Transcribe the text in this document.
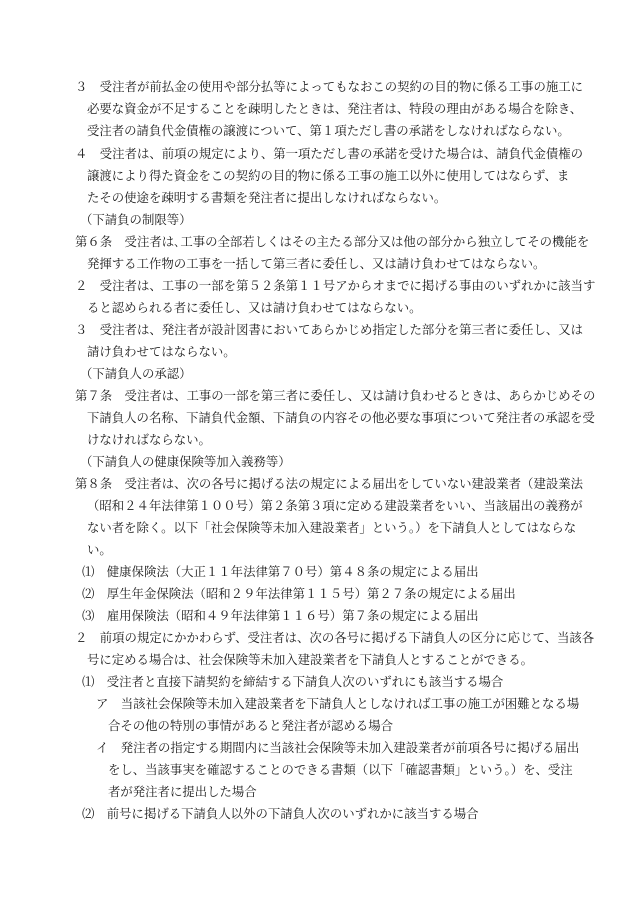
３　受注者が前払金の使用や部分払等によってもなおこの契約の目的物に係る工事の施工に
必要な資金が不足することを疎明したときは、発注者は、特段の理由がある場合を除き、
受注者の請負代金債権の譲渡について、第１項ただし書の承諾をしなければならない。
４　受注者は、前項の規定により、第一項ただし書の承諾を受けた場合は、請負代金債権の
譲渡により得た資金をこの契約の目的物に係る工事の施工以外に使用してはならず、ま
たその使途を疎明する書類を発注者に提出しなければならない。
（下請負の制限等）
第６条　受注者は､工事の全部若しくはその主たる部分又は他の部分から独立してその機能を
発揮する工作物の工事を一括して第三者に委任し、又は請け負わせてはならない。
２　受注者は、工事の一部を第５２条第１１号アからオまでに掲げる事由のいずれかに該当す
ると認められる者に委任し、又は請け負わせてはならない。
３　受注者は、発注者が設計図書においてあらかじめ指定した部分を第三者に委任し、又は
請け負わせてはならない。
（下請負人の承認）
第７条　受注者は、工事の一部を第三者に委任し、又は請け負わせるときは、あらかじめその
下請負人の名称、下請負代金額、下請負の内容その他必要な事項について発注者の承認を受
けなければならない。
（下請負人の健康保険等加入義務等）
第８条　受注者は、次の各号に掲げる法の規定による届出をしていない建設業者（建設業法
（昭和２４年法律第１００号）第２条第３項に定める建設業者をいい、当該届出の義務が
ない者を除く。以下「社会保険等未加入建設業者」という。）を下請負人としてはならな
い。
⑴　健康保険法（大正１１年法律第７０号）第４８条の規定による届出
⑵　厚生年金保険法（昭和２９年法律第１１５号）第２７条の規定による届出
⑶　雇用保険法（昭和４９年法律第１１６号）第７条の規定による届出
２　前項の規定にかかわらず、受注者は、次の各号に掲げる下請負人の区分に応じて、当該各
号に定める場合は、社会保険等未加入建設業者を下請負人とすることができる。
⑴　受注者と直接下請契約を締結する下請負人次のいずれにも該当する場合
ア　当該社会保険等未加入建設業者を下請負人としなければ工事の施工が困難となる場
合その他の特別の事情があると発注者が認める場合
イ　発注者の指定する期間内に当該社会保険等未加入建設業者が前項各号に掲げる届出
をし、当該事実を確認することのできる書類（以下「確認書類」という。）を、受注
者が発注者に提出した場合
⑵　前号に掲げる下請負人以外の下請負人次のいずれかに該当する場合
